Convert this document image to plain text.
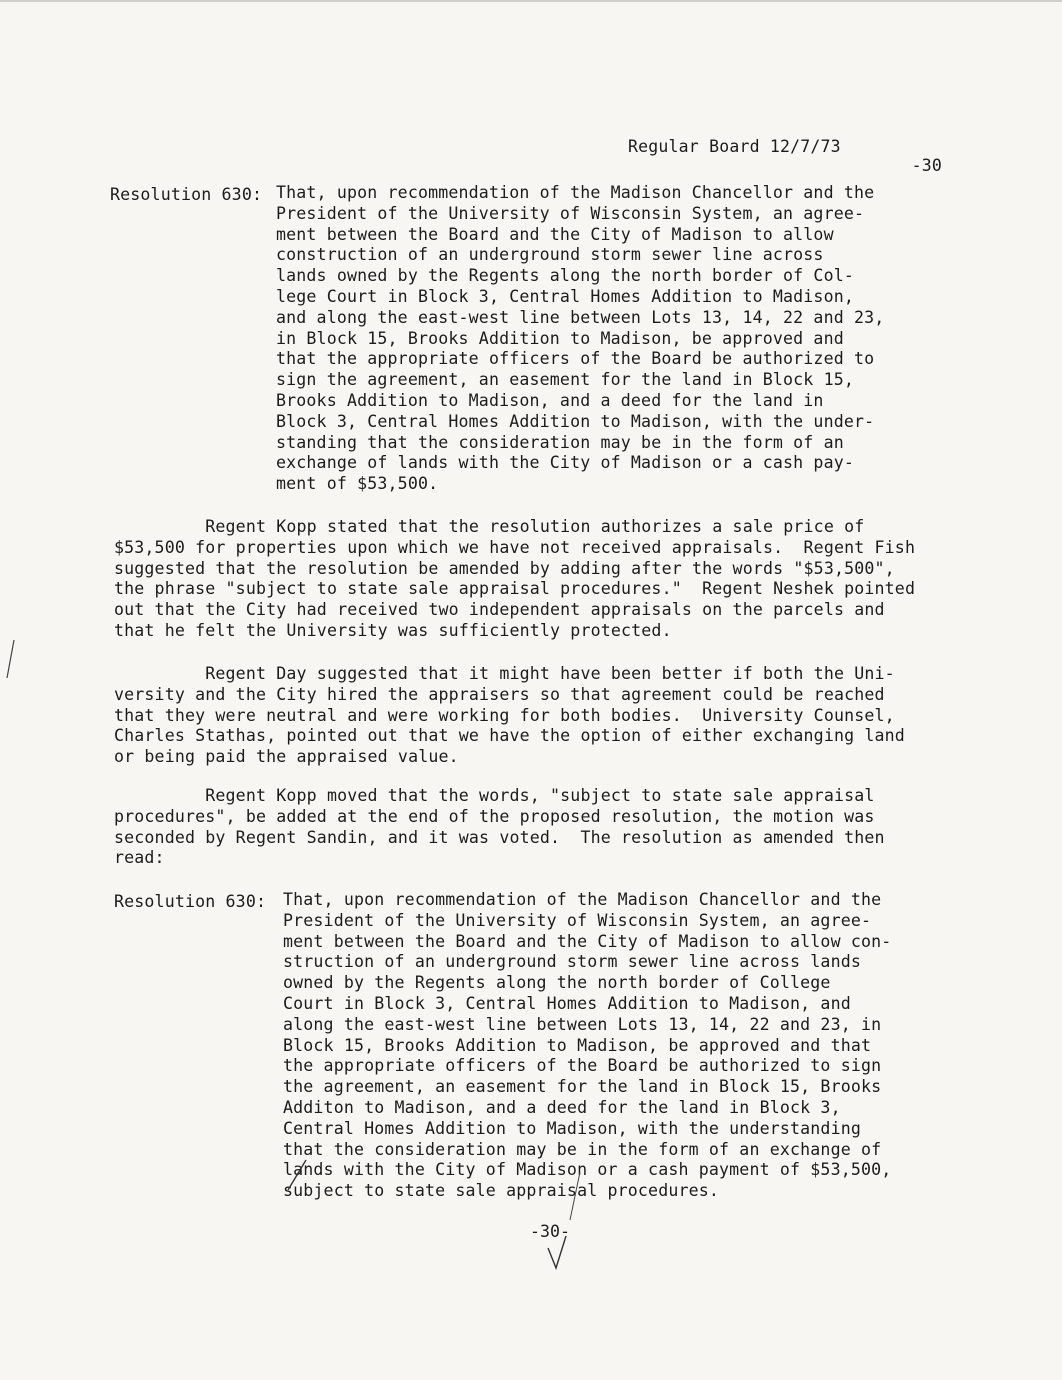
Regular Board 12/7/73

-30

Resolution 630: That, upon recommendation of the Madison Chancellor and the
President of the University of Wisconsin System, an agree-
ment between the Board and the City of Madison to allow
construction of an underground storm sewer line across
lands owned by the Regents along the north border of Col-
lege Court in Block 3, Central Homes Addition to Madison,
and along the east-west line between Lots 13, 14, 22 and 23,
in Block 15, Brooks Addition to Madison, be approved and
that the appropriate officers of the Board be authorized to
sign the agreement, an easement for the land in Block 15,
Brooks Addition to Madison, and a deed for the land in
Block 3, Central Homes Addition to Madison, with the under-
standing that the consideration may be in the form of an
exchange of lands with the City of Madison or a cash pay-
ment of $53,500.
Regent Kopp stated that the resolution authorizes a sale price of
$53,500 for properties upon which we have not received appraisals.  Regent Fish
suggested that the resolution be amended by adding after the words "$53,500",
the phrase "subject to state sale appraisal procedures."  Regent Neshek pointed
out that the City had received two independent appraisals on the parcels and
that he felt the University was sufficiently protected.
Regent Day suggested that it might have been better if both the Uni-
versity and the City hired the appraisers so that agreement could be reached
that they were neutral and were working for both bodies.  University Counsel,
Charles Stathas, pointed out that we have the option of either exchanging land
or being paid the appraised value.
Regent Kopp moved that the words, "subject to state sale appraisal
procedures", be added at the end of the proposed resolution, the motion was
seconded by Regent Sandin, and it was voted.  The resolution as amended then
read:
Resolution 630: That, upon recommendation of the Madison Chancellor and the
President of the University of Wisconsin System, an agree-
ment between the Board and the City of Madison to allow con-
struction of an underground storm sewer line across lands
owned by the Regents along the north border of College
Court in Block 3, Central Homes Addition to Madison, and
along the east-west line between Lots 13, 14, 22 and 23, in
Block 15, Brooks Addition to Madison, be approved and that
the appropriate officers of the Board be authorized to sign
the agreement, an easement for the land in Block 15, Brooks
Additon to Madison, and a deed for the land in Block 3,
Central Homes Addition to Madison, with the understanding
that the consideration may be in the form of an exchange of
lands with the City of Madison or a cash payment of $53,500,
subject to state sale appraisal procedures.
-30-
